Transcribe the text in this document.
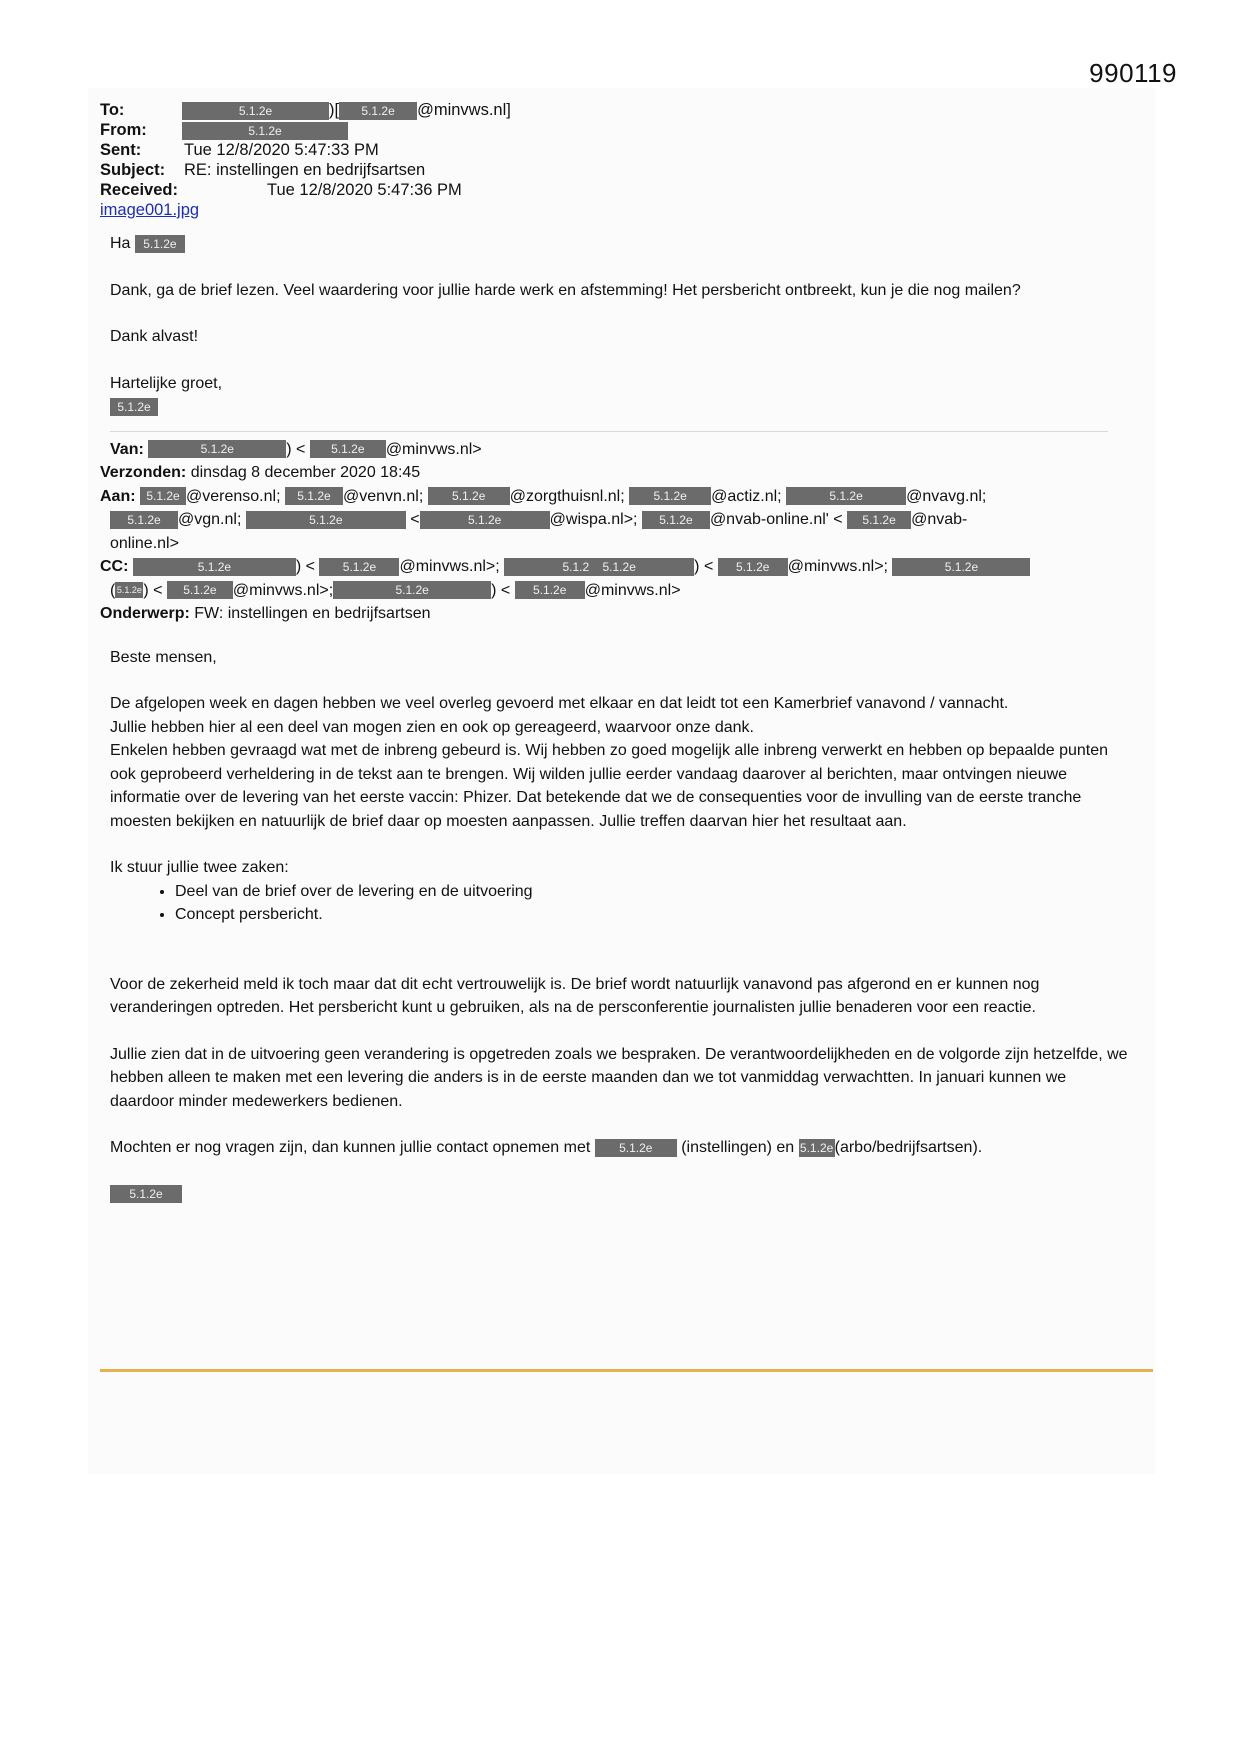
990119
To:	5.1.2e	)[ 5.1.2e @minvws.nl]
From:	5.1.2e
Sent:	Tue 12/8/2020 5:47:33 PM
Subject: RE: instellingen en bedrijfsartsen
Received:	Tue 12/8/2020 5:47:36 PM
image001.jpg

Ha 5.1.2e

Dank, ga de brief lezen. Veel waardering voor jullie harde werk en afstemming! Het persbericht ontbreekt, kun je die nog mailen?

Dank alvast!

Hartelijke groet,

5.1.2e
Van:	5.1.2e	) < 5.1.2e @minvws.nl>
Verzonden: dinsdag 8 december 2020 18:45
Aan: 5.1.2e @verenso.nl; 5.1.2e @venvn.nl; 5.1.2e @zorgthuisnl.nl; 5.1.2e @actiz.nl;	5.1.2e	@nvavg.nl;
5.1.2e @vgn.nl;	5.1.2e	<	5.1.2e	@wispa.nl>; 5.1.2e @nvab-online.nl' < 5.1.2e @nvab-
online.nl>
CC:	5.1.2e	) < 5.1.2e @minvws.nl>;	5.1.2 5.1.2e	) < 5.1.2e @minvws.nl>;	5.1.2e
(5.1.2e) < 5.1.2e @minvws.nl>;	5.1.2e	) < 5.1.2e @minvws.nl>
Onderwerp: FW: instellingen en bedrijfsartsen

Beste mensen,

De afgelopen week en dagen hebben we veel overleg gevoerd met elkaar en dat leidt tot een Kamerbrief vanavond / vannacht.
Jullie hebben hier al een deel van mogen zien en ook op gereageerd, waarvoor onze dank.
Enkelen hebben gevraagd wat met de inbreng gebeurd is. Wij hebben zo goed mogelijk alle inbreng verwerkt en hebben op bepaalde punten ook geprobeerd verheldering in de tekst aan te brengen. Wij wilden jullie eerder vandaag daarover al berichten, maar ontvingen nieuwe informatie over de levering van het eerste vaccin: Phizer. Dat betekende dat we de consequenties voor de invulling van de eerste tranche moesten bekijken en natuurlijk de brief daar op moesten aanpassen. Jullie treffen daarvan hier het resultaat aan.

Ik stuur jullie twee zaken:

• Deel van de brief over de levering en de uitvoering
• Concept persbericht.

Voor de zekerheid meld ik toch maar dat dit echt vertrouwelijk is. De brief wordt natuurlijk vanavond pas afgerond en er kunnen nog veranderingen optreden. Het persbericht kunt u gebruiken, als na de persconferentie journalisten jullie benaderen voor een reactie.

Jullie zien dat in de uitvoering geen verandering is opgetreden zoals we bespraken. De verantwoordelijkheden en de volgorde zijn hetzelfde, we hebben alleen te maken met een levering die anders is in de eerste maanden dan we tot vanmiddag verwachtten. In januari kunnen we daardoor minder medewerkers bedienen.

Mochten er nog vragen zijn, dan kunnen jullie contact opnemen met 5.1.2e (instellingen) en 5.1.2e(arbo/bedrijfsartsen).

5.1.2e
